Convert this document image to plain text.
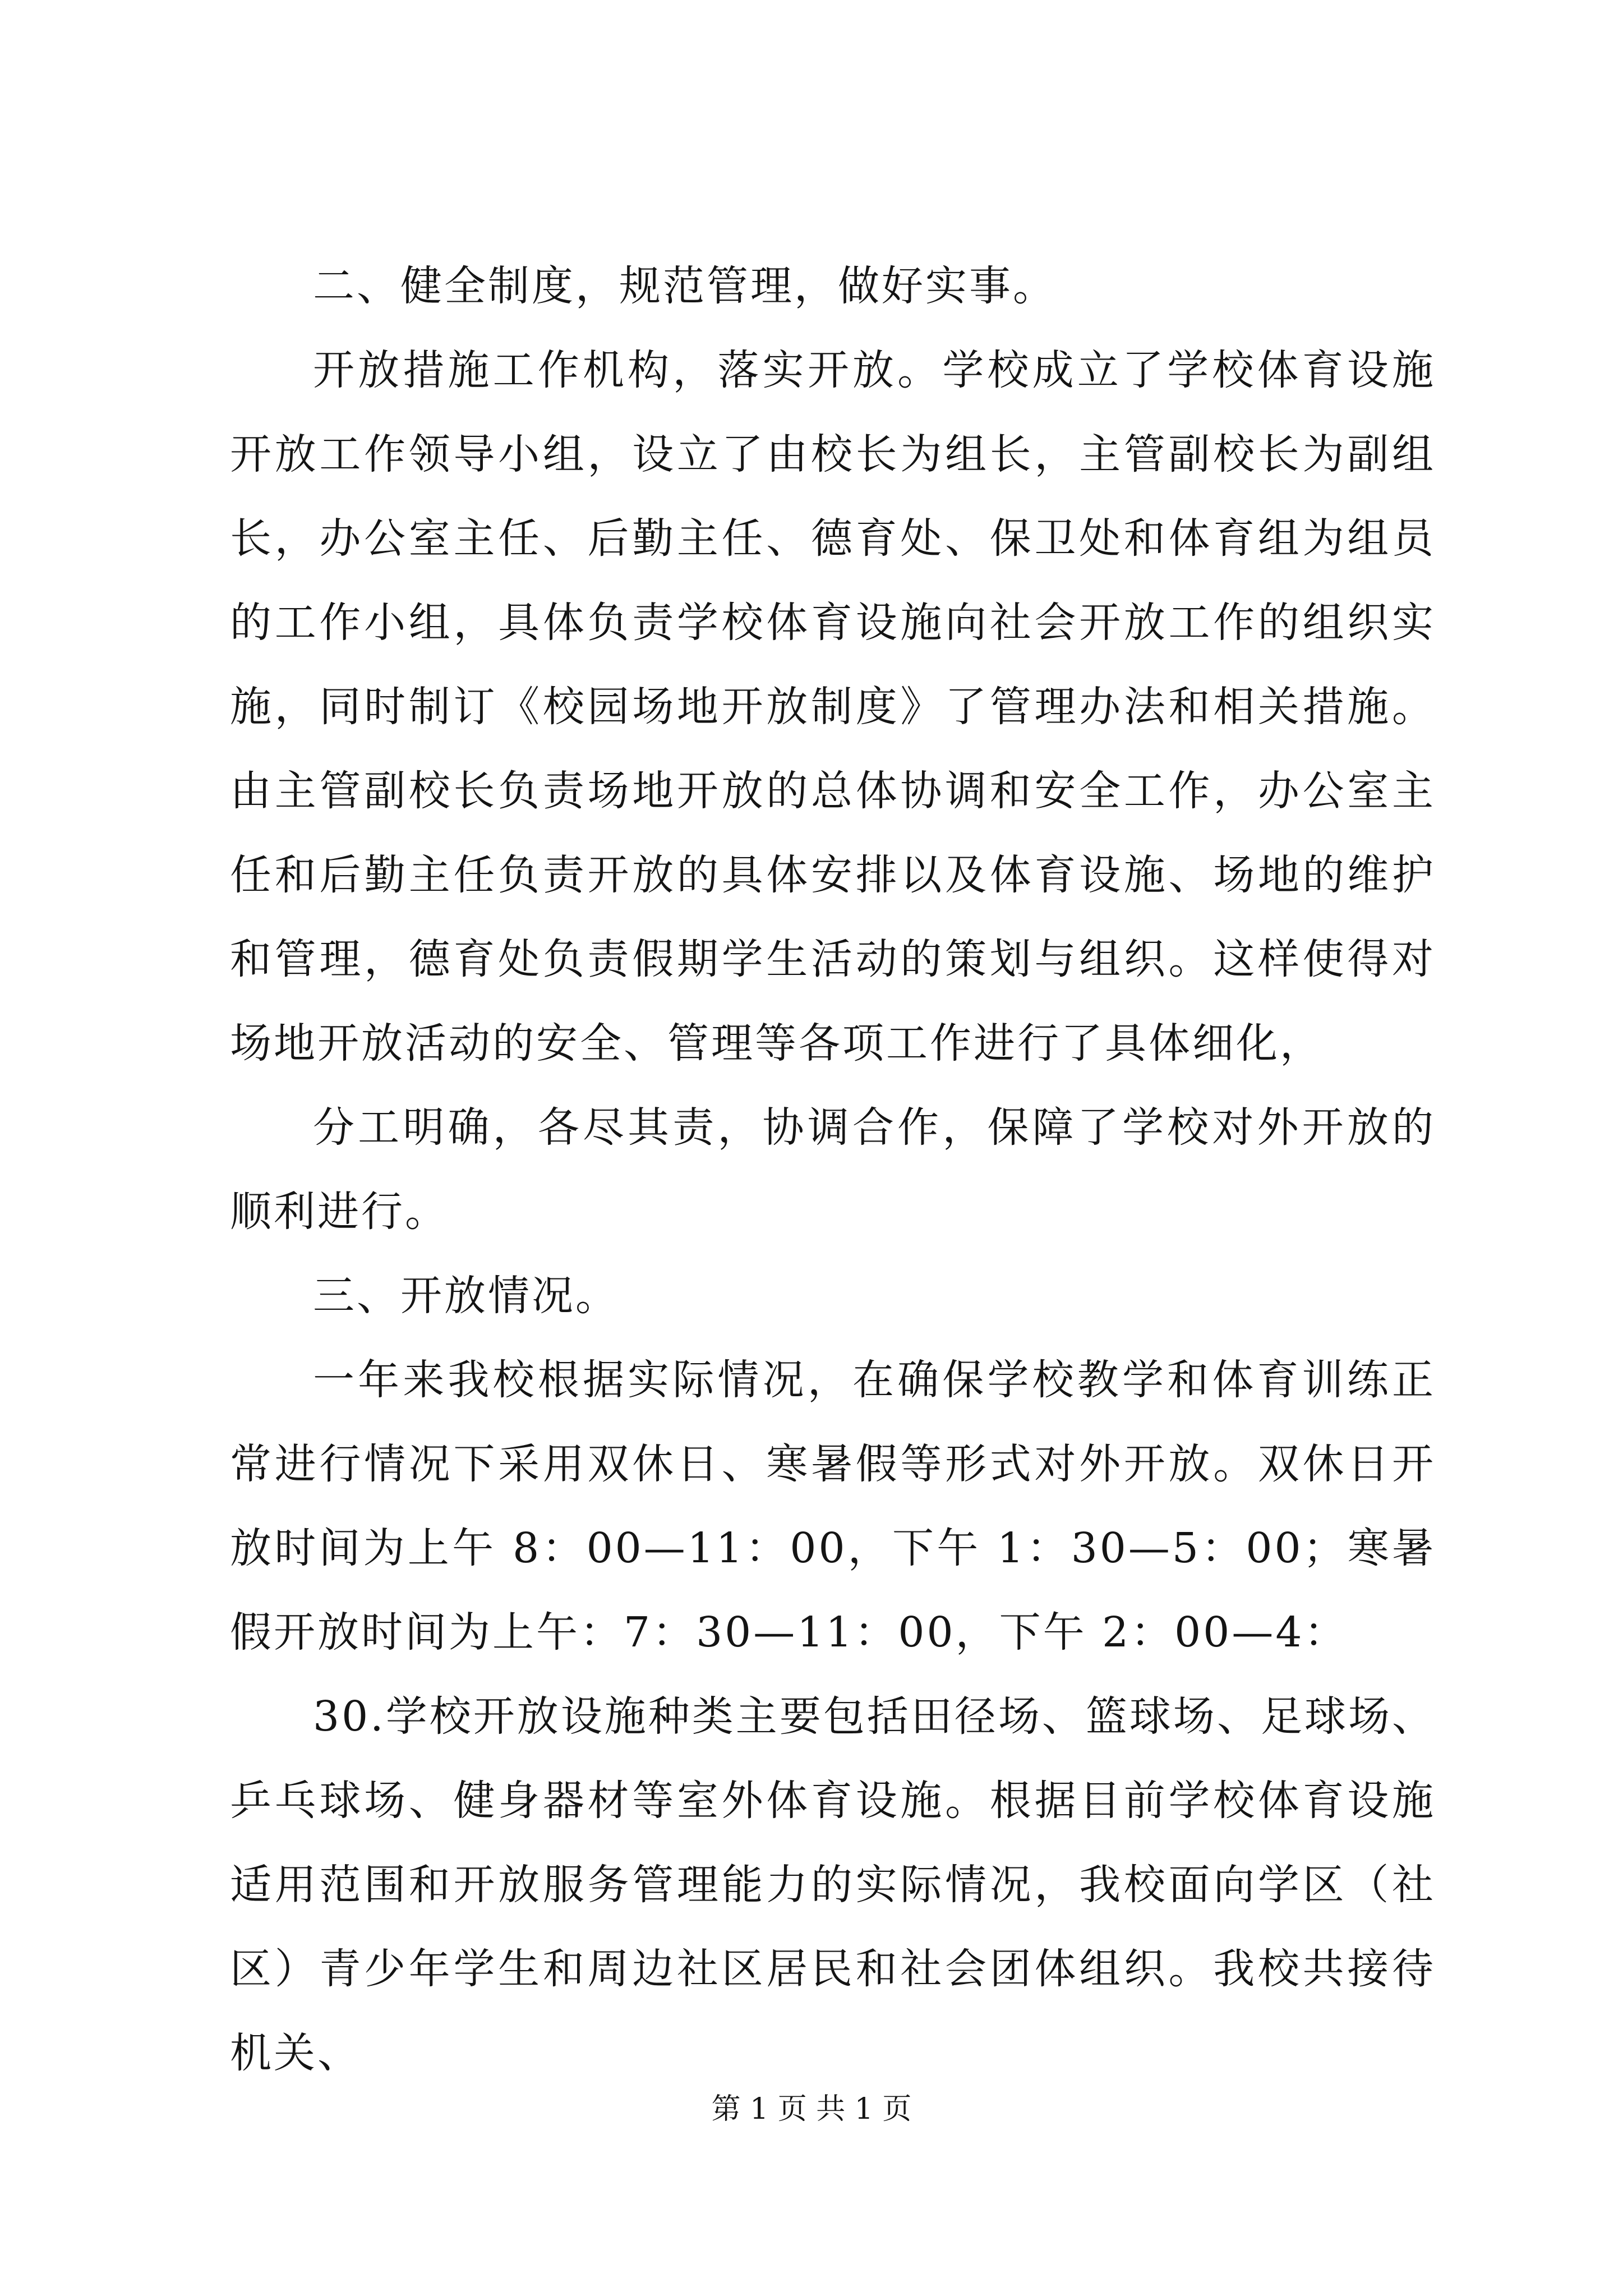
二、健全制度，规范管理，做好实事。

开放措施工作机构，落实开放。学校成立了学校体育设施开放工作领导小组，设立了由校长为组长，主管副校长为副组长，办公室主任、后勤主任、德育处、保卫处和体育组为组员的工作小组，具体负责学校体育设施向社会开放工作的组织实施，同时制订《校园场地开放制度》了管理办法和相关措施。由主管副校长负责场地开放的总体协调和安全工作，办公室主任和后勤主任负责开放的具体安排以及体育设施、场地的维护和管理，德育处负责假期学生活动的策划与组织。这样使得对场地开放活动的安全、管理等各项工作进行了具体细化，

分工明确，各尽其责，协调合作，保障了学校对外开放的顺利进行。

三、开放情况。

一年来我校根据实际情况，在确保学校教学和体育训练正常进行情况下采用双休日、寒暑假等形式对外开放。双休日开放时间为上午 8：00—11：00，下午 1：30—5：00；寒暑假开放时间为上午：7：30—11：00，下午 2：00—4：

30.学校开放设施种类主要包括田径场、篮球场、足球场、乒乓球场、健身器材等室外体育设施。根据目前学校体育设施适用范围和开放服务管理能力的实际情况，我校面向学区（社区）青少年学生和周边社区居民和社会团体组织。我校共接待机关、

第 1 页 共 1 页
